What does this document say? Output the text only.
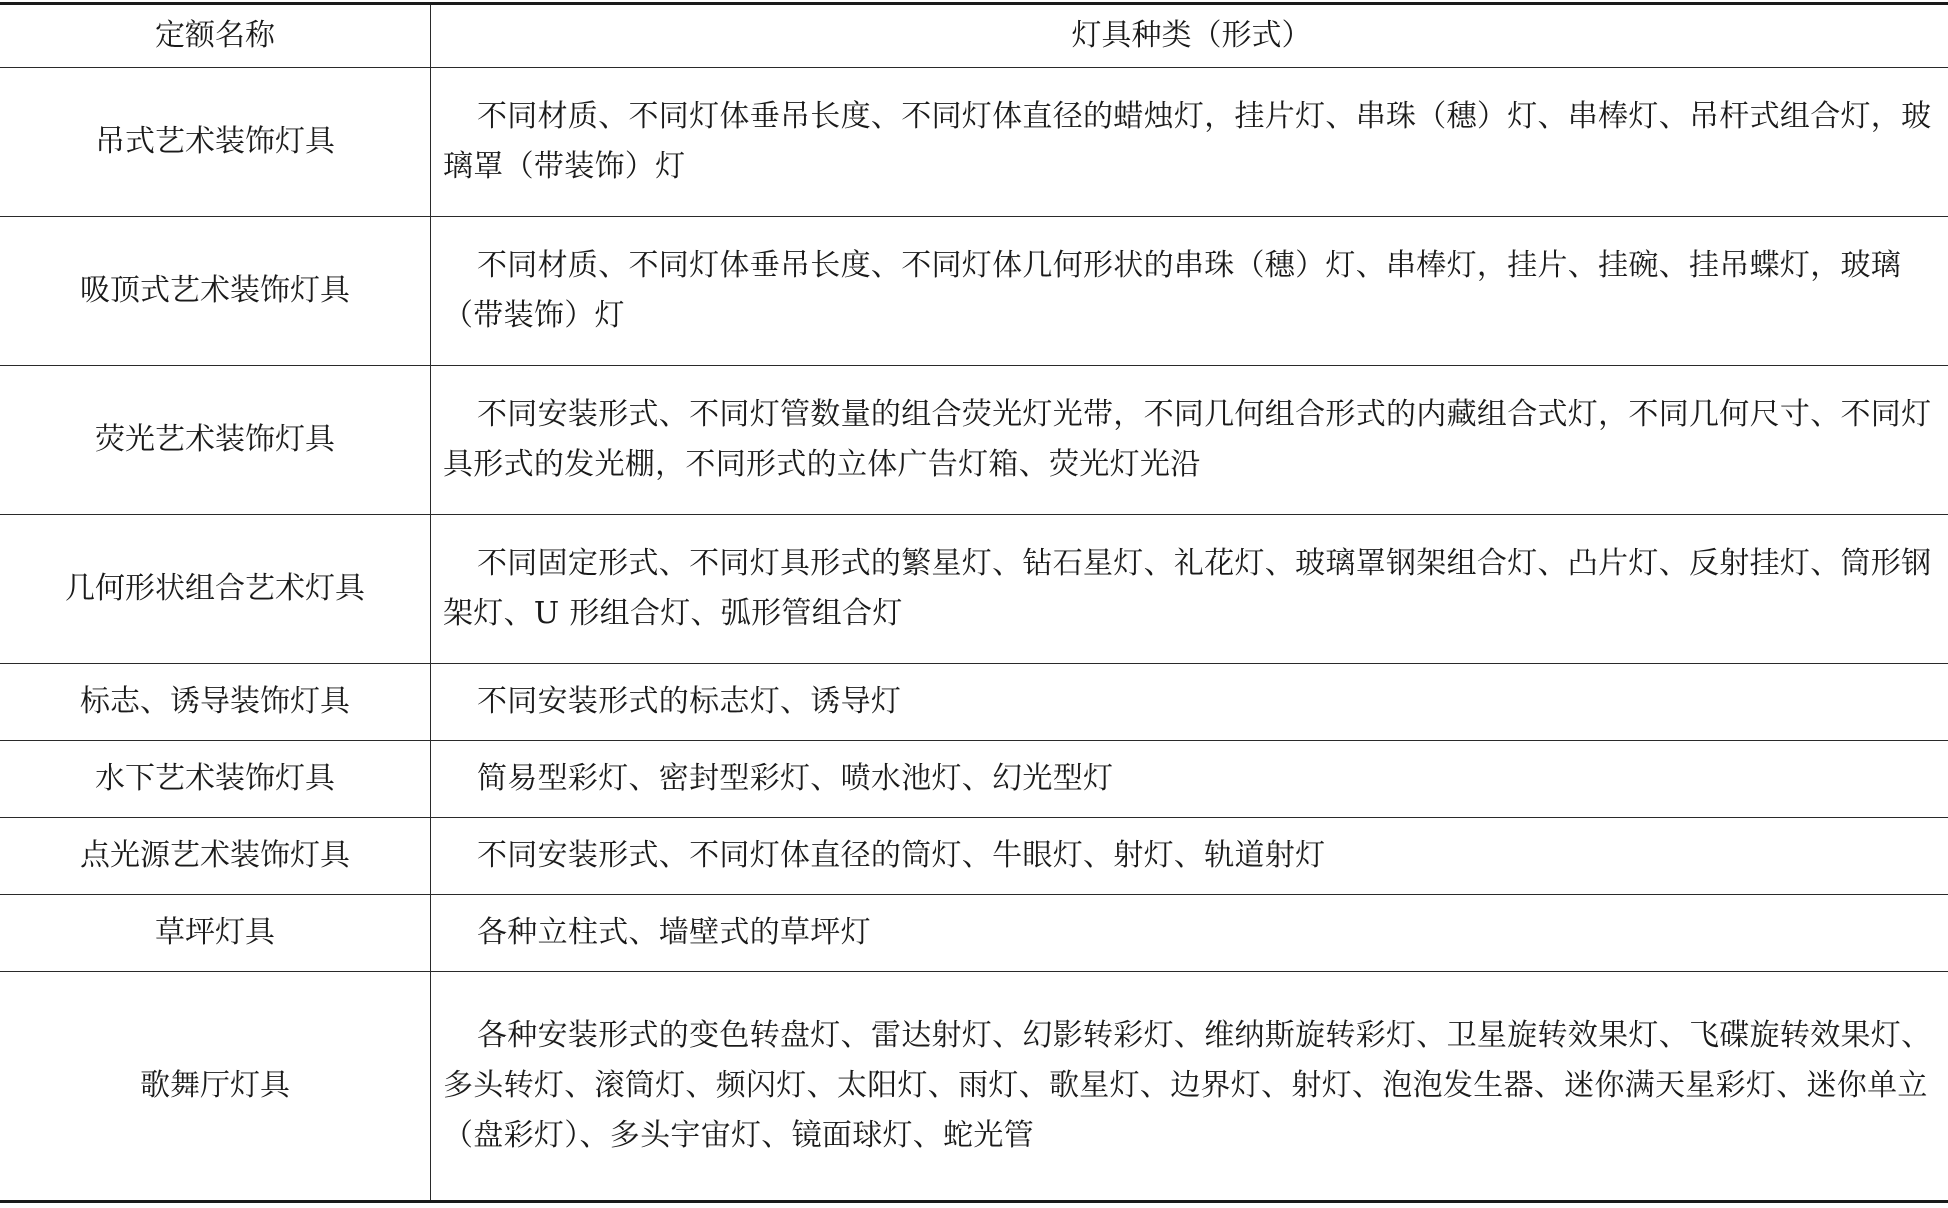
定额名称	灯具种类（形式）
吊式艺术装饰灯具	不同材质、不同灯体垂吊长度、不同灯体直径的蜡烛灯，挂片灯、串珠（穗）灯、串棒灯、吊杆式组合灯，玻璃罩（带装饰）灯

吸顶式艺术装饰灯具	不同材质、不同灯体垂吊长度、不同灯体几何形状的串珠（穗）灯、串棒灯，挂片、挂碗、挂吊蝶灯，玻璃（带装饰）灯

荧光艺术装饰灯具	不同安装形式、不同灯管数量的组合荧光灯光带，不同几何组合形式的内藏组合式灯，不同几何尺寸、不同灯具形式的发光棚，不同形式的立体广告灯箱、荧光灯光沿

几何形状组合艺术灯具	不同固定形式、不同灯具形式的繁星灯、钻石星灯、礼花灯、玻璃罩钢架组合灯、凸片灯、反射挂灯、筒形钢架灯、U 形组合灯、弧形管组合灯

标志、诱导装饰灯具	不同安装形式的标志灯、诱导灯

水下艺术装饰灯具	简易型彩灯、密封型彩灯、喷水池灯、幻光型灯

点光源艺术装饰灯具	不同安装形式、不同灯体直径的筒灯、牛眼灯、射灯、轨道射灯

草坪灯具	各种立柱式、墙壁式的草坪灯

歌舞厅灯具	各种安装形式的变色转盘灯、雷达射灯、幻影转彩灯、维纳斯旋转彩灯、卫星旋转效果灯、飞碟旋转效果灯、多头转灯、滚筒灯、频闪灯、太阳灯、雨灯、歌星灯、边界灯、射灯、泡泡发生器、迷你满天星彩灯、迷你单立（盘彩灯）、多头宇宙灯、镜面球灯、蛇光管
